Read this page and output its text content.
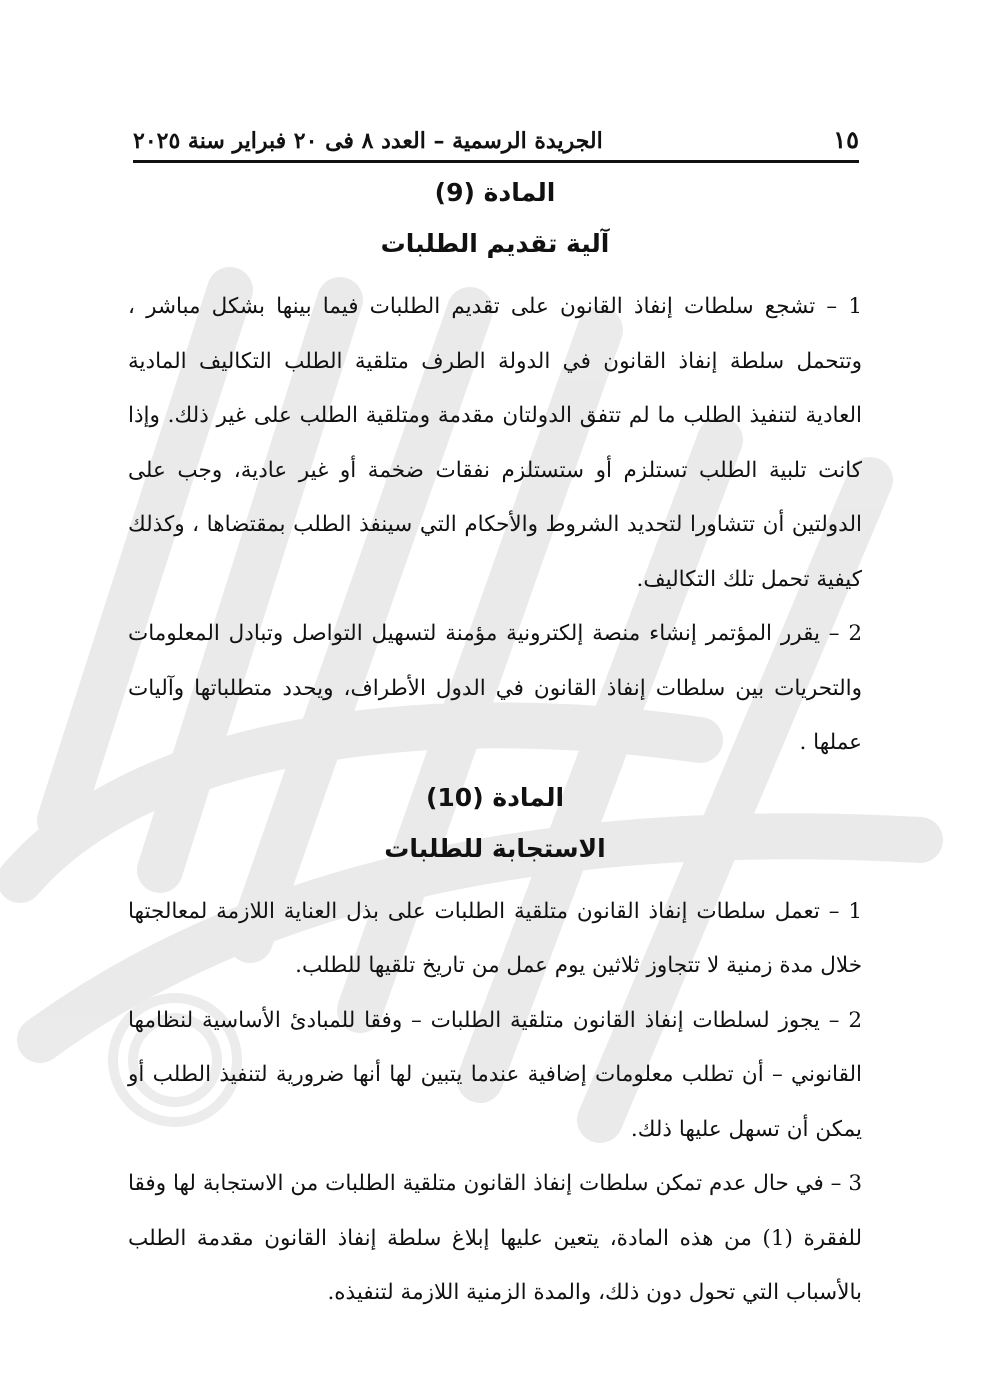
١٥
الجريدة الرسمية – العدد ٨ فى ٢٠ فبراير سنة ٢٠٢٥
المادة (9)
آلية تقديم الطلبات

1 – تشجع سلطات إنفاذ القانون على تقديم الطلبات فيما بينها بشكل مباشر ، وتتحمل سلطة إنفاذ القانون في الدولة الطرف متلقية الطلب التكاليف المادية العادية لتنفيذ الطلب ما لم تتفق الدولتان مقدمة ومتلقية الطلب على غير ذلك. وإذا كانت تلبية الطلب تستلزم أو ستستلزم نفقات ضخمة أو غير عادية، وجب على الدولتين أن تتشاورا لتحديد الشروط والأحكام التي سينفذ الطلب بمقتضاها ، وكذلك كيفية تحمل تلك التكاليف.

2 – يقرر المؤتمر إنشاء منصة إلكترونية مؤمنة لتسهيل التواصل وتبادل المعلومات والتحريات بين سلطات إنفاذ القانون في الدول الأطراف، ويحدد متطلباتها وآليات عملها .

المادة (10)
الاستجابة للطلبات

1 – تعمل سلطات إنفاذ القانون متلقية الطلبات على بذل العناية اللازمة لمعالجتها خلال مدة زمنية لا تتجاوز ثلاثين يوم عمل من تاريخ تلقيها للطلب.

2 – يجوز لسلطات إنفاذ القانون متلقية الطلبات – وفقا للمبادئ الأساسية لنظامها القانوني – أن تطلب معلومات إضافية عندما يتبين لها أنها ضرورية لتنفيذ الطلب أو يمكن أن تسهل عليها ذلك.

3 – في حال عدم تمكن سلطات إنفاذ القانون متلقية الطلبات من الاستجابة لها وفقا للفقرة (1) من هذه المادة، يتعين عليها إبلاغ سلطة إنفاذ القانون مقدمة الطلب بالأسباب التي تحول دون ذلك، والمدة الزمنية اللازمة لتنفيذه.
